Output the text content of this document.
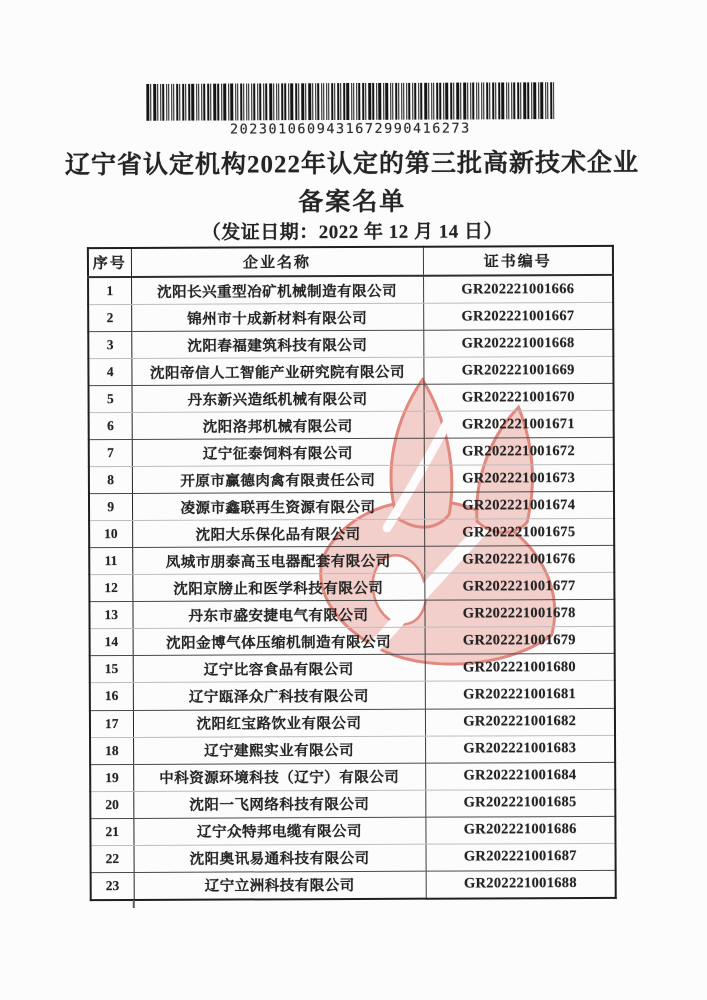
2023010609431672990416273
辽宁省认定机构2022年认定的第三批高新技术企业
备案名单
（发证日期：2022 年 12 月 14 日）
序号	企业名称	证书编号
1	沈阳长兴重型冶矿机械制造有限公司	GR202221001666
2	锦州市十成新材料有限公司	GR202221001667
3	沈阳春福建筑科技有限公司	GR202221001668
4	沈阳帝信人工智能产业研究院有限公司	GR202221001669
5	丹东新兴造纸机械有限公司	GR202221001670
6	沈阳洛邦机械有限公司	GR202221001671
7	辽宁征泰饲料有限公司	GR202221001672
8	开原市赢德肉禽有限责任公司	GR202221001673
9	凌源市鑫联再生资源有限公司	GR202221001674
10	沈阳大乐保化品有限公司	GR202221001675
11	凤城市朋泰高玉电器配套有限公司	GR202221001676
12	沈阳京牓止和医学科技有限公司	GR202221001677
13	丹东市盛安捷电气有限公司	GR202221001678
14	沈阳金博气体压缩机制造有限公司	GR202221001679
15	辽宁比容食品有限公司	GR202221001680
16	辽宁瓯泽众广科技有限公司	GR202221001681
17	沈阳红宝路饮业有限公司	GR202221001682
18	辽宁建熙实业有限公司	GR202221001683
19	中科资源环境科技（辽宁）有限公司	GR202221001684
20	沈阳一飞网络科技有限公司	GR202221001685
21	辽宁众特邦电缆有限公司	GR202221001686
22	沈阳奥讯易通科技有限公司	GR202221001687
23	辽宁立洲科技有限公司	GR202221001688
